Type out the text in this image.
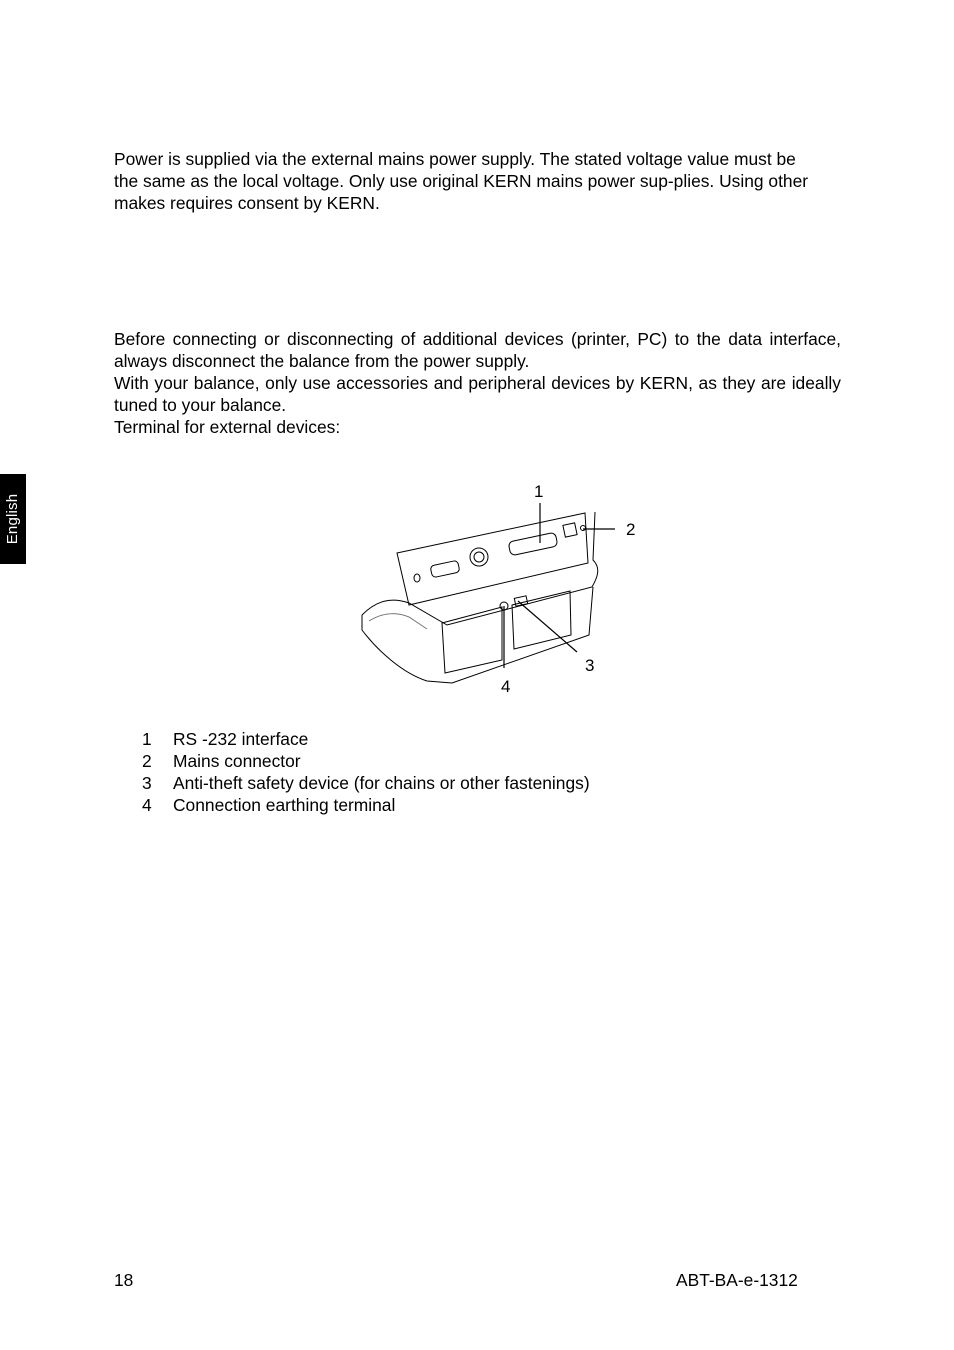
English

Power is supplied via the external mains power supply. The stated voltage value must be the same as the local voltage. Only use original KERN mains power sup-plies. Using other makes requires consent by KERN.

Before connecting or disconnecting of additional devices (printer, PC) to the data interface, always disconnect the balance from the power supply.
With your balance, only use accessories and peripheral devices by KERN, as they are ideally tuned to your balance.
Terminal for external devices:

1
2
3
4
1 RS -232 interface
2 Mains connector
3 Anti-theft safety device (for chains or other fastenings)
4 Connection earthing terminal
18	ABT-BA-e-1312
